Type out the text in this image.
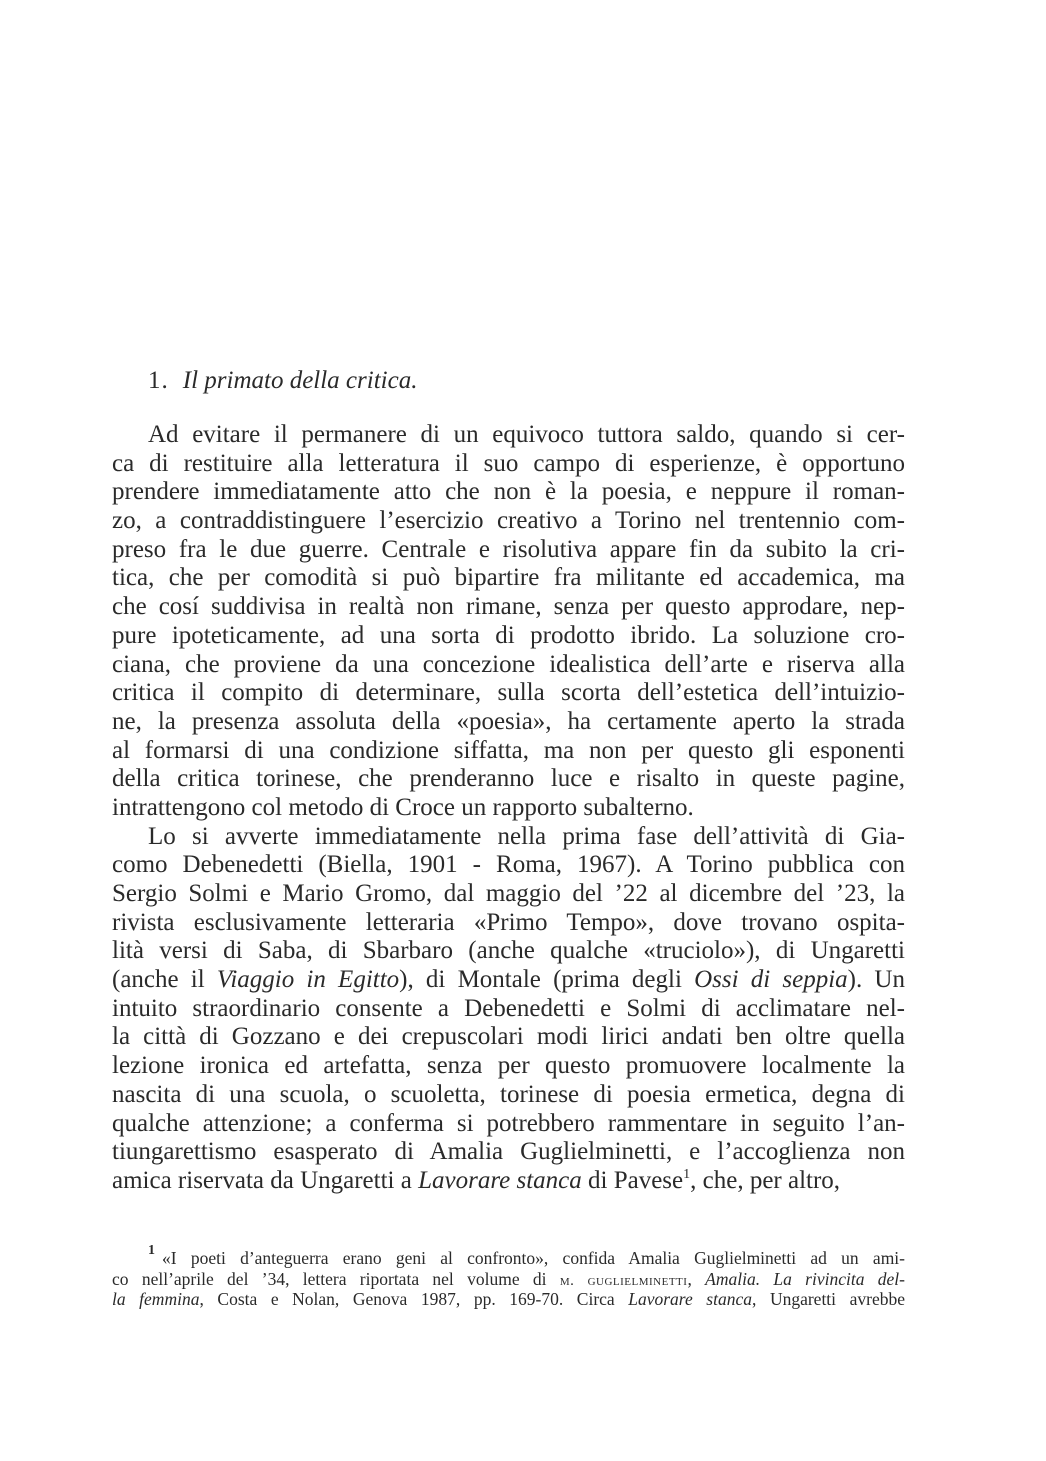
1. Il primato della critica.
Ad evitare il permanere di un equivoco tuttora saldo, quando si cer-
ca di restituire alla letteratura il suo campo di esperienze, è opportuno
prendere immediatamente atto che non è la poesia, e neppure il roman-
zo, a contraddistinguere l’esercizio creativo a Torino nel trentennio com-
preso fra le due guerre. Centrale e risolutiva appare fin da subito la cri-
tica, che per comodità si può bipartire fra militante ed accademica, ma
che cosí suddivisa in realtà non rimane, senza per questo approdare, nep-
pure ipoteticamente, ad una sorta di prodotto ibrido. La soluzione cro-
ciana, che proviene da una concezione idealistica dell’arte e riserva alla
critica il compito di determinare, sulla scorta dell’estetica dell’intuizio-
ne, la presenza assoluta della «poesia», ha certamente aperto la strada
al formarsi di una condizione siffatta, ma non per questo gli esponenti
della critica torinese, che prenderanno luce e risalto in queste pagine,
intrattengono col metodo di Croce un rapporto subalterno.
Lo si avverte immediatamente nella prima fase dell’attività di Gia-
como Debenedetti (Biella, 1901 - Roma, 1967). A Torino pubblica con
Sergio Solmi e Mario Gromo, dal maggio del ’22 al dicembre del ’23, la
rivista esclusivamente letteraria «Primo Tempo», dove trovano ospita-
lità versi di Saba, di Sbarbaro (anche qualche «truciolo»), di Ungaretti
(anche il Viaggio in Egitto), di Montale (prima degli Ossi di seppia). Un
intuito straordinario consente a Debenedetti e Solmi di acclimatare nel-
la città di Gozzano e dei crepuscolari modi lirici andati ben oltre quella
lezione ironica ed artefatta, senza per questo promuovere localmente la
nascita di una scuola, o scuoletta, torinese di poesia ermetica, degna di
qualche attenzione; a conferma si potrebbero rammentare in seguito l’an-
tiungarettismo esasperato di Amalia Guglielminetti, e l’accoglienza non
amica riservata da Ungaretti a Lavorare stanca di Pavese$^1$, che, per altro,
$^1$ «I poeti d’anteguerra erano geni al confronto», confida Amalia Guglielminetti ad un ami-
co nell’aprile del ’34, lettera riportata nel volume di m. guglielminetti, Amalia. La rivincita del-
la femmina, Costa e Nolan, Genova 1987, pp. 169-70. Circa Lavorare stanca, Ungaretti avrebbe
